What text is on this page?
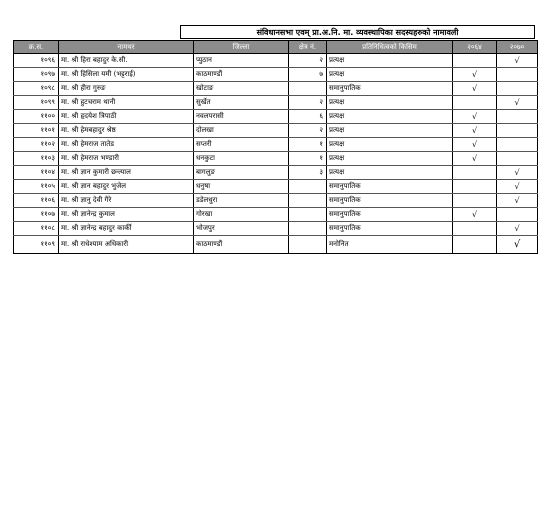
संविधानसभा एवम् प्रा.अ.नि. मा. व्यवस्थापिका सदस्यहरुको नामावली
क्र.स.	नामथर	जिल्ला	क्षेत्र नं.	प्रतिनिधित्वको किसिम	२०६४	२०७०
१०९६	मा. श्री हिरा बहादुर के.सी.	प्युठान	२	प्रत्यक्ष		√
१०९७	मा. श्री हिसिला यमी (भट्टराई)	काठमाण्डौं	७	प्रत्यक्ष	√	
१०९८	मा. श्री हीरा गुरुङ	खोटाङ		समानुपातिक	√	
१०९९	मा. श्री हुटचराम थानी	सुर्खेत	२	प्रत्यक्ष		√
११००	मा. श्री हृदयेश त्रिपाठी	नवलपरासी	६	प्रत्यक्ष	√	
११०१	मा. श्री हेमबहादुर श्रेष्ठ	दोलखा	२	प्रत्यक्ष	√	
११०२	मा. श्री हेमराज तातेड	सप्तरी	१	प्रत्यक्ष	√	
११०३	मा. श्री हेमराज भण्डारी	धनकुटा	१	प्रत्यक्ष	√	
११०४	मा. श्री ज्ञान कुमारी छन्त्याल	बागलुङ	३	प्रत्यक्ष		√
११०५	मा. श्री ज्ञान बहादुर भुजेल	धनुषा		समानुपातिक		√
११०६	मा. श्री ज्ञानु देवी गैरे	डडेलधुरा		समानुपातिक		√
११०७	मा. श्री ज्ञानेन्द्र कुमाल	गोरखा		समानुपातिक	√	
११०८	मा. श्री ज्ञानेन्द्र बहादुर कार्की	भोजपुर		समानुपातिक		√
११०९	मा. श्री राधेश्याम अधिकारी	काठमाण्डौं		मनोनित		√
